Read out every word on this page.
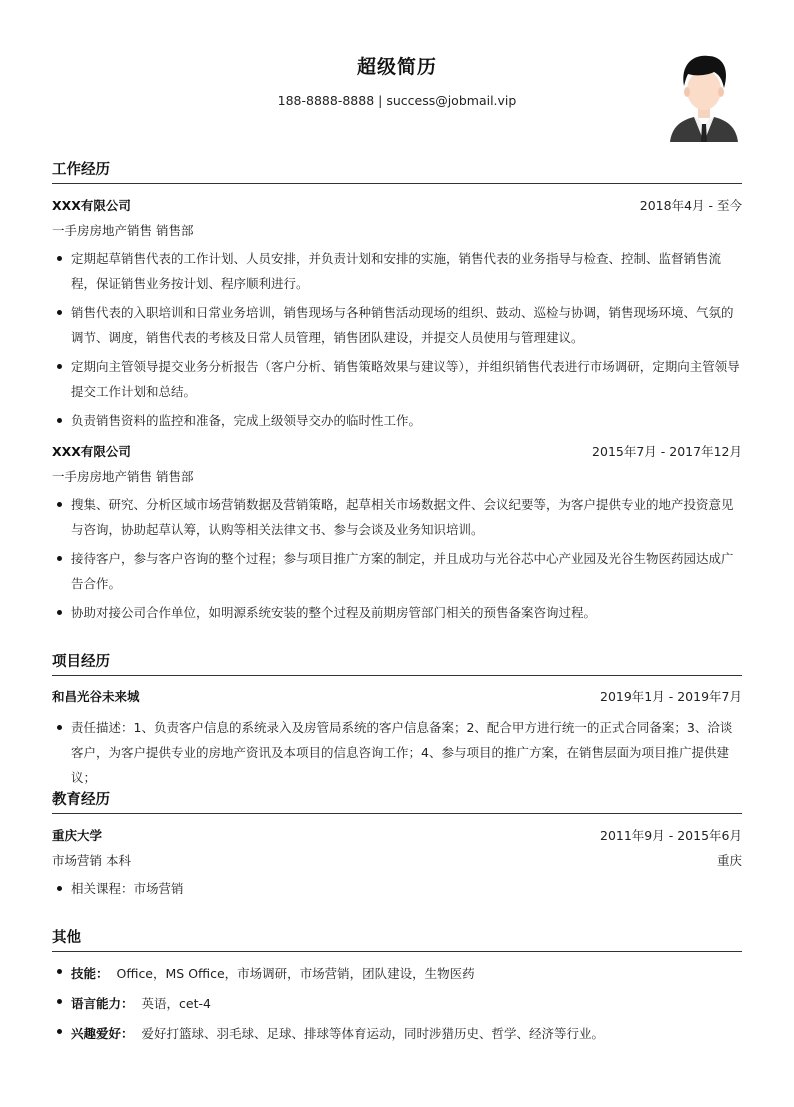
超级简历
188-8888-8888 | success@jobmail.vip
工作经历
XXX有限公司	2018年4月 - 至今
一手房房地产销售 销售部
定期起草销售代表的工作计划、人员安排，并负责计划和安排的实施，销售代表的业务指导与检查、控制、监督销售流程，保证销售业务按计划、程序顺利进行。
销售代表的入职培训和日常业务培训，销售现场与各种销售活动现场的组织、鼓动、巡检与协调，销售现场环境、气氛的调节、调度，销售代表的考核及日常人员管理，销售团队建设，并提交人员使用与管理建议。
定期向主管领导提交业务分析报告（客户分析、销售策略效果与建议等），并组织销售代表进行市场调研，定期向主管领导提交工作计划和总结。
负责销售资料的监控和准备，完成上级领导交办的临时性工作。
XXX有限公司	2015年7月 - 2017年12月
一手房房地产销售 销售部
搜集、研究、分析区域市场营销数据及营销策略，起草相关市场数据文件、会议纪要等，为客户提供专业的地产投资意见与咨询，协助起草认筹，认购等相关法律文书、参与会谈及业务知识培训。
接待客户，参与客户咨询的整个过程；参与项目推广方案的制定，并且成功与光谷芯中心产业园及光谷生物医药园达成广告合作。
协助对接公司合作单位，如明源系统安装的整个过程及前期房管部门相关的预售备案咨询过程。
项目经历
和昌光谷未来城	2019年1月 - 2019年7月
责任描述：1、负责客户信息的系统录入及房管局系统的客户信息备案；2、配合甲方进行统一的正式合同备案；3、洽谈客户，为客户提供专业的房地产资讯及本项目的信息咨询工作；4、参与项目的推广方案，在销售层面为项目推广提供建议；
教育经历
重庆大学	2011年9月 - 2015年6月
市场营销 本科	重庆
相关课程：市场营销
其他
技能： Office，MS Office，市场调研，市场营销，团队建设，生物医药
语言能力： 英语，cet-4
兴趣爱好： 爱好打篮球、羽毛球、足球、排球等体育运动，同时涉猎历史、哲学、经济等行业。
